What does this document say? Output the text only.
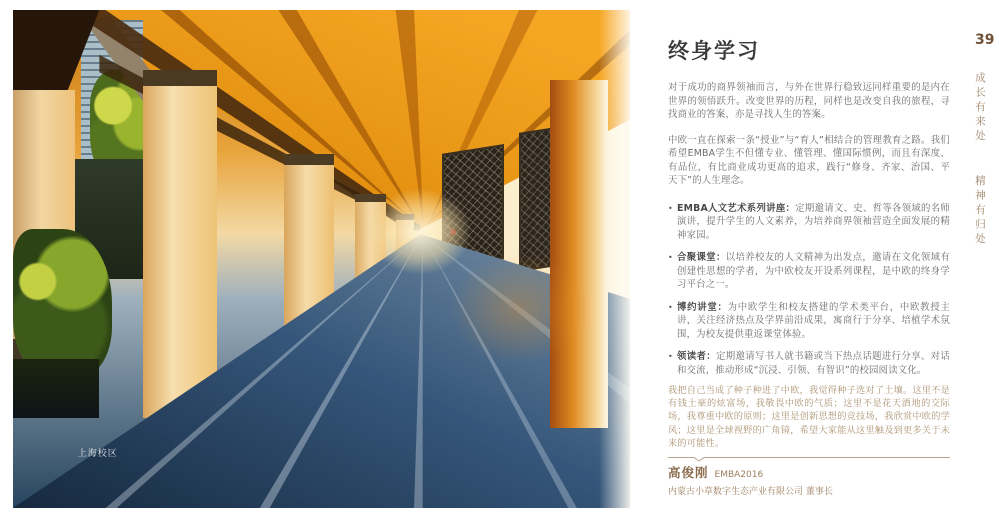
上海校区
终身学习

对于成功的商界领袖而言，与外在世界行稳致远同样重要的是内在世界的领悟跃升。改变世界的历程，同样也是改变自我的旅程，寻找商业的答案，亦是寻找人生的答案。

中欧一直在探索一条“授业”与“育人”相结合的管理教育之路。我们希望EMBA学生不但懂专业、懂管理、懂国际惯例，而且有深度、有品位，有比商业成功更高的追求，践行“修身、齐家、治国、平天下”的人生理念。

• EMBA人文艺术系列讲座：定期邀请文、史、哲等各领域的名师演讲，提升学生的人文素养，为培养商界领袖营造全面发展的精神家园。
• 合聚课堂：以培养校友的人文精神为出发点，邀请在文化领域有创建性思想的学者，为中欧校友开设系列课程，是中欧的终身学习平台之一。
• 博约讲堂：为中欧学生和校友搭建的学术类平台，中欧教授主讲，关注经济热点及学界前沿成果，寓商行于分享、培植学术氛围，为校友提供重返课堂体验。
• 领读者：定期邀请写书人就书籍或当下热点话题进行分享、对话和交流，推动形成“沉浸、引领、有智识”的校园阅读文化。

我把自己当成了种子种进了中欧，我觉得种子选对了土壤。这里不是有钱土豪的炫富场，我敬畏中欧的气质；这里不是花天酒地的交际场，我尊重中欧的原则；这里是创新思想的竞技场，我欣赏中欧的学风；这里是全球视野的广角镜，希望大家能从这里触及到更多关于未来的可能性。

高俊刚 EMBA2016
内蒙古小草数字生态产业有限公司 董事长
39
成长有来处 精神有归处
